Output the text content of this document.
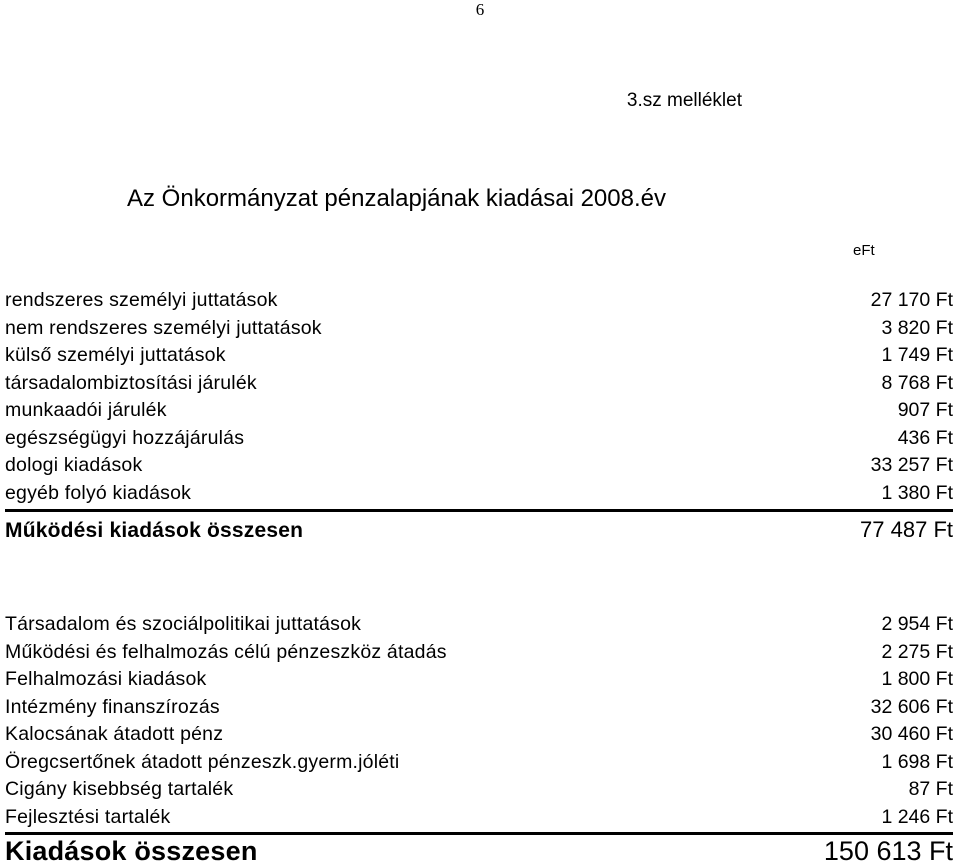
6
3.sz melléklet
Az Önkormányzat pénzalapjának kiadásai 2008.év
eFt
rendszeres személyi juttatások	27 170 Ft
nem rendszeres személyi juttatások	3 820 Ft
külső személyi juttatások	1 749 Ft
társadalombiztosítási járulék	8 768 Ft
munkaadói járulék	907 Ft
egészségügyi hozzájárulás	436 Ft
dologi kiadások	33 257 Ft
egyéb folyó kiadások	1 380 Ft
Működési kiadások összesen	77 487 Ft
Társadalom és szociálpolitikai juttatások	2 954 Ft
Működési és felhalmozás célú pénzeszköz átadás	2 275 Ft
Felhalmozási kiadások	1 800 Ft
Intézmény finanszírozás	32 606 Ft
Kalocsának átadott pénz	30 460 Ft
Öregcsertőnek átadott pénzeszk.gyerm.jóléti	1 698 Ft
Cigány kisebbség tartalék	87 Ft
Fejlesztési tartalék	1 246 Ft
Kiadások összesen	150 613 Ft
